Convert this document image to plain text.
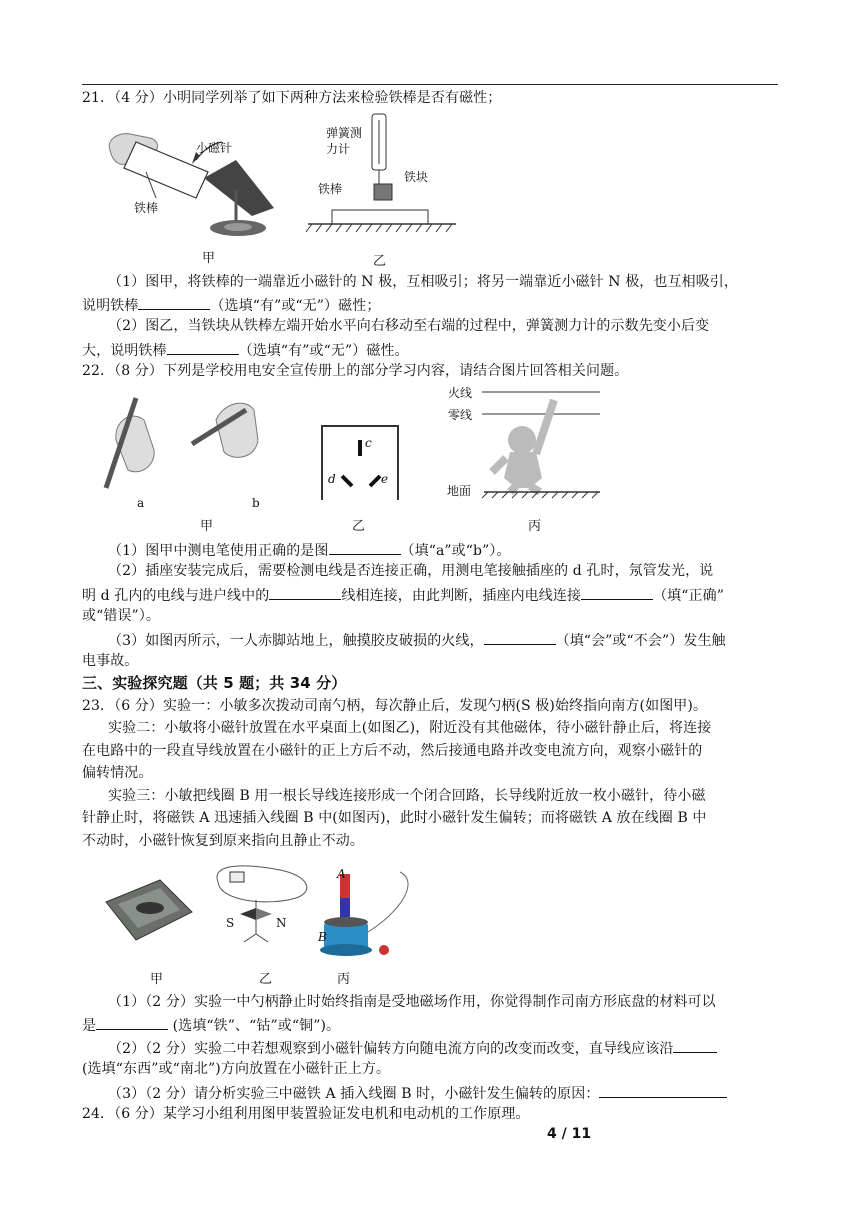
21．（4 分）小明同学列举了如下两种方法来检验铁棒是否有磁性；
小磁针
铁棒
弹簧测
力计
铁块
铁棒
甲	乙
（1）图甲，将铁棒的一端靠近小磁针的 N 极，互相吸引；将另一端靠近小磁针 N 极，也互相吸引，
说明铁棒	（选填“有”或“无”）磁性；
（2）图乙，当铁块从铁棒左端开始水平向右移动至右端的过程中，弹簧测力计的示数先变小后变
大，说明铁棒	（选填“有”或“无”）磁性。
22．（8 分）下列是学校用电安全宣传册上的部分学习内容，请结合图片回答相关问题。
a	b
c
d	e
火线
零线
地面
甲	乙	丙
（1）图甲中测电笔使用正确的是图	（填“a”或“b”）。
（2）插座安装完成后，需要检测电线是否连接正确，用测电笔接触插座的 d 孔时，氖管发光，说
明 d 孔内的电线与进户线中的	线相连接，由此判断，插座内电线连接	（填“正确”
或“错误”）。
（3）如图丙所示，一人赤脚站地上，触摸胶皮破损的火线，	（填“会”或“不会”）发生触
电事故。
三、实验探究题（共 5 题；共 34 分）
23．（6 分）实验一：小敏多次拨动司南勺柄，每次静止后，发现勺柄(S 极)始终指向南方(如图甲)。
实验二：小敏将小磁针放置在水平桌面上(如图乙)，附近没有其他磁体，待小磁针静止后，将连接
在电路中的一段直导线放置在小磁针的正上方后不动，然后接通电路并改变电流方向，观察小磁针的
偏转情况。
实验三：小敏把线圈 B 用一根长导线连接形成一个闭合回路，长导线附近放一枚小磁针，待小磁
针静止时，将磁铁 A 迅速插入线圈 B 中(如图丙)，此时小磁针发生偏转；而将磁铁 A 放在线圈 B 中
不动时，小磁针恢复到原来指向且静止不动。
S	N
A
B
甲	乙	丙
（1）（2 分）实验一中勺柄静止时始终指南是受地磁场作用，你觉得制作司南方形底盘的材料可以
是	(选填“铁”、“钴”或“铜”)。
（2）（2 分）实验二中若想观察到小磁针偏转方向随电流方向的改变而改变，直导线应该沿
(选填“东西”或“南北”)方向放置在小磁针正上方。
（3）（2 分）请分析实验三中磁铁 A 插入线圈 B 时，小磁针发生偏转的原因：
24．（6 分）某学习小组利用图甲装置验证发电机和电动机的工作原理。
4 / 11
